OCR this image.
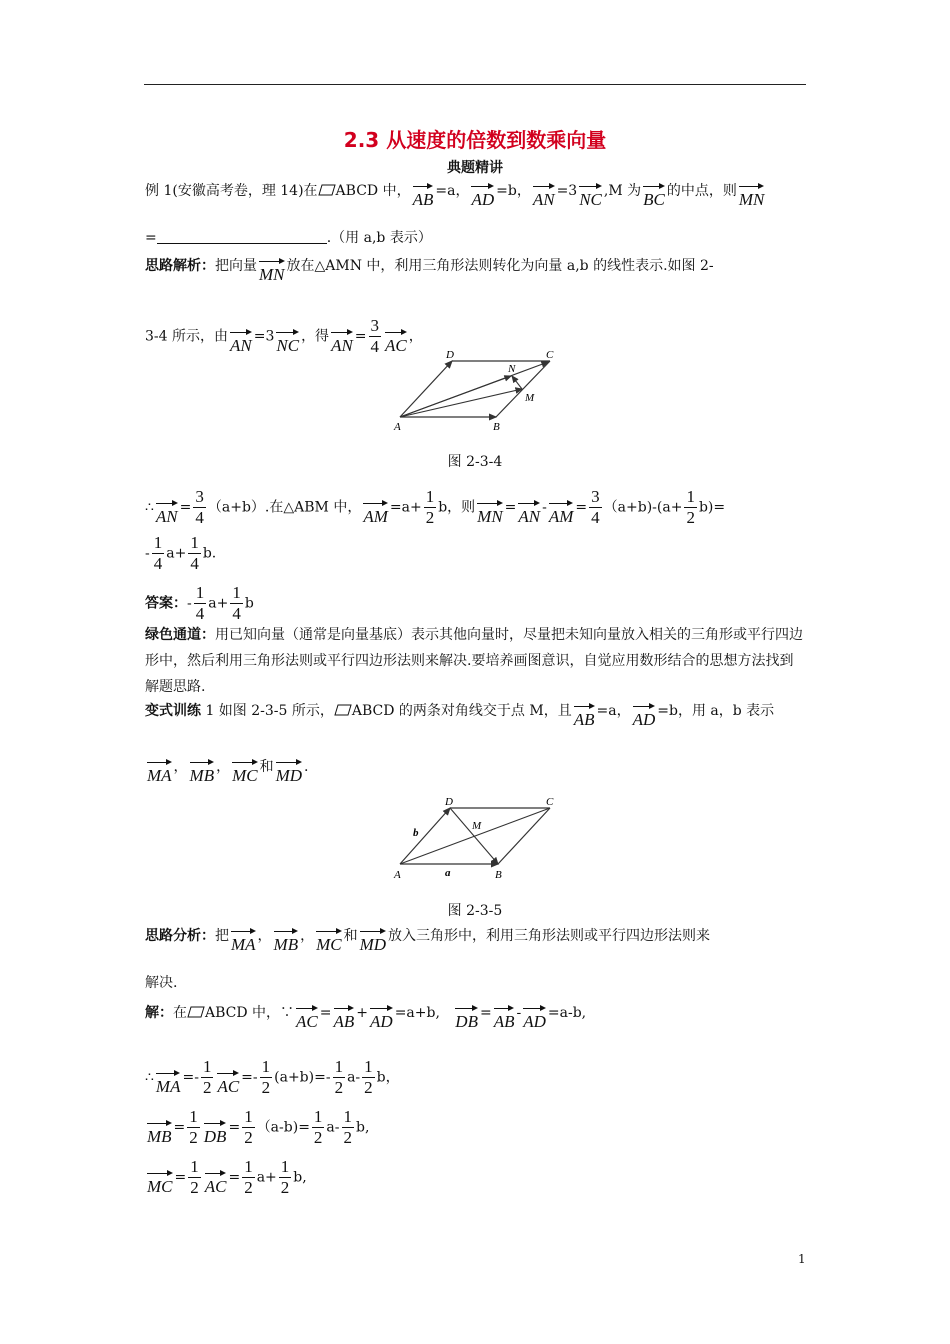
2.3 从速度的倍数到数乘向量
典题精讲
例 1(安徽高考卷，理 14)在 ABCD 中， AB =a， AD =b， AN =3 NC ,M 为 BC 的中点，则 MN
=	.（用 a,b 表示）
思路解析：把向量 MN 放在△AMN 中，利用三角形法则转化为向量 a,b 的线性表示.如图 2-
3-4 所示，由 AN =3 NC ，得 AN = $\frac{3}{4}$ AC ，
A	B
C
D
N
M
图 2-3-4
∴ AN = $\frac{3}{4} (a+b)$.在△ABM 中， AM $=a+ \frac{1}{2}$ b，则 MN = AN - AM = $\frac{3}{4} (a+b)-(a+ \frac{1}{2} b)=$
- $\frac{1}{4} a+ \frac{1}{4} b$.
答案：- $\frac{1}{4} a+ \frac{1}{4}$ b
绿色通道：用已知向量（通常是向量基底）表示其他向量时，尽量把未知向量放入相关的三角形或平行四边形中，然后利用三角形法则或平行四边形法则来解决.要培养画图意识，自觉应用数形结合的思想方法找到解题思路.
变式训练 1 如图 2-3-5 所示， ABCD 的两条对角线交于点 M，且 AB =a， AD =b，用 a，b 表示
MA ， MB ， MC 和 MD .
A	B
C
D
M
a
b
图 2-3-5
思路分析：把 MA ， MB ， MC 和 MD 放入三角形中，利用三角形法则或平行四边形法则来
解决.
解：在 ABCD 中，∵ AC = AB + AD =a+b, DB = AB - AD =a-b,
∴ MA =- $\frac{1}{2}$ AC =- $\frac{1}{2} (a+b)=- \frac{1}{2} a- \frac{1}{2}$ b，
MB = $\frac{1}{2}$ DB = $\frac{1}{2} (a-b)= \frac{1}{2} a- \frac{1}{2} b$,
MC = $\frac{1}{2}$ AC = $\frac{1}{2} a+ \frac{1}{2} b$,
1
